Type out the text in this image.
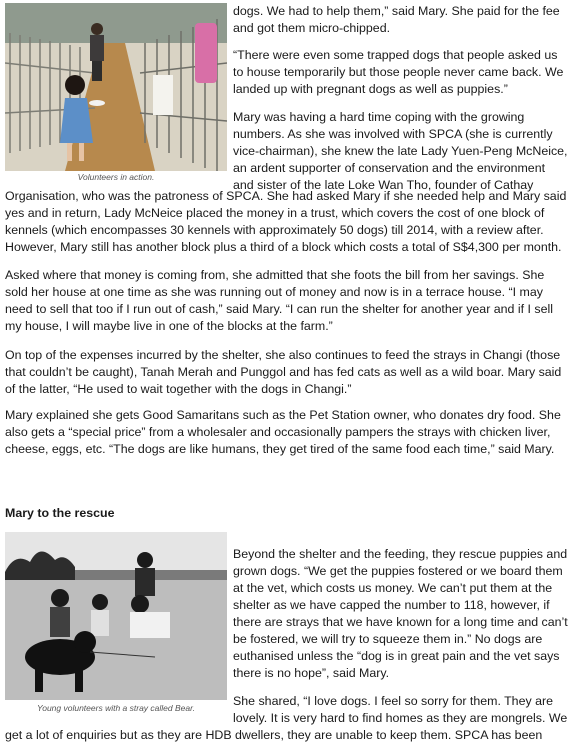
Volunteers in action.

dogs. We had to help them,” said Mary. She paid for the fee and got them micro-chipped.

“There were even some trapped dogs that people asked us to house temporarily but those people never came back. We landed up with pregnant dogs as well as puppies.”

Mary was having a hard time coping with the growing numbers. As she was involved with SPCA (she is currently vice-chairman), she knew the late Lady Yuen-Peng McNeice, an ardent supporter of conservation and the environment and sister of the late Loke Wan Tho, founder of Cathay

Organisation, who was the patroness of SPCA. She had asked Mary if she needed help and Mary said yes and in return, Lady McNeice placed the money in a trust, which covers the cost of one block of kennels (which encompasses 30 kennels with approximately 50 dogs) till 2014, with a review after. However, Mary still has another block plus a third of a block which costs a total of S$4,300 per month.

Asked where that money is coming from, she admitted that she foots the bill from her savings. She sold her house at one time as she was running out of money and now is in a terrace house. “I may need to sell that too if I run out of cash,” said Mary. “I can run the shelter for another year and if I sell my house, I will maybe live in one of the blocks at the farm.”

On top of the expenses incurred by the shelter, she also continues to feed the strays in Changi (those that couldn’t be caught), Tanah Merah and Punggol and has fed cats as well as a wild boar. Mary said of the latter, “He used to wait together with the dogs in Changi.”

Mary explained she gets Good Samaritans such as the Pet Station owner, who donates dry food. She also gets a “special price” from a wholesaler and occasionally pampers the strays with chicken liver, cheese, eggs, etc. “The dogs are like humans, they get tired of the same food each time,” said Mary.

Mary to the rescue

Young volunteers with a stray called Bear.

Beyond the shelter and the feeding, they rescue puppies and grown dogs. “We get the puppies fostered or we board them at the vet, which costs us money. We can’t put them at the shelter as we have capped the number to 118, however, if there are strays that we have known for a long time and can’t be fostered, we will try to squeeze them in.” No dogs are euthanised unless the “dog is in great pain and the vet says there is no hope”, said Mary.

She shared, “I love dogs. I feel so sorry for them. They are lovely. It is very hard to find homes as they are mongrels. We

get a lot of enquiries but as they are HDB dwellers, they are unable to keep them. SPCA has been
